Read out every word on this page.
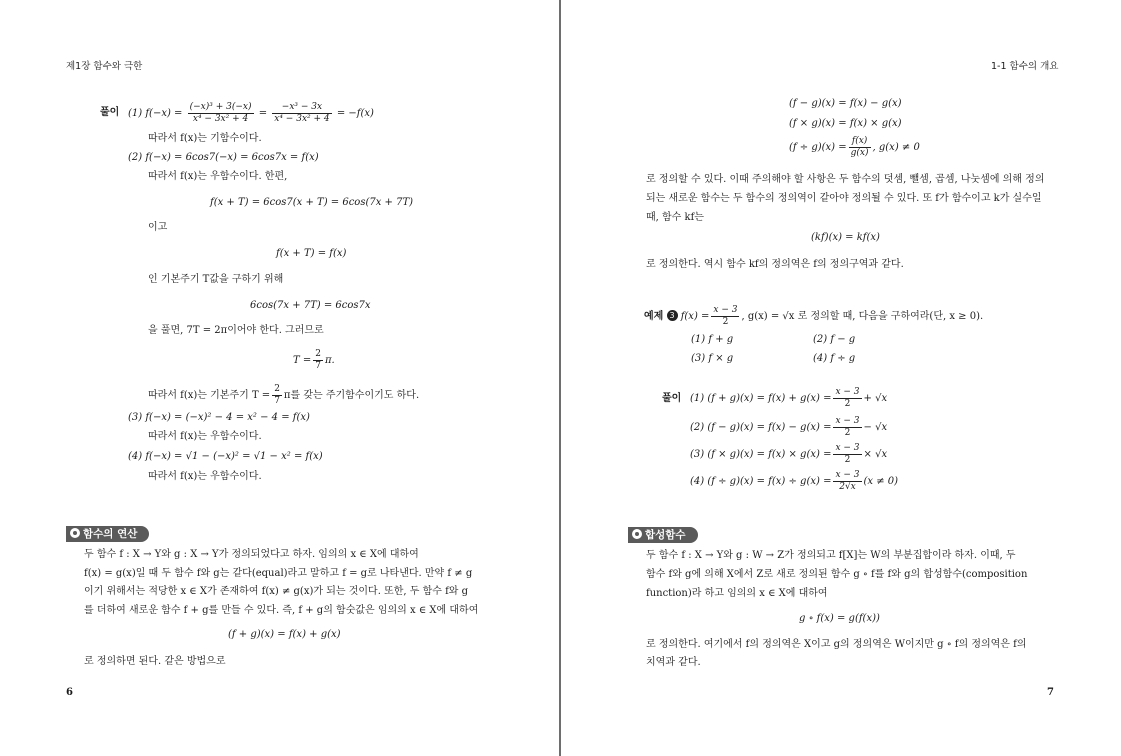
제1장 함수와 극한
풀이 (1) $f(-x) = \frac{\text{(−x)³ + 3(−x)}}{\text{x⁴ − 3x² + 4}} = \frac{\text{−x³ − 3x}}{\text{x⁴ − 3x² + 4}} = -f(x)$
따라서 f(x)는 기함수이다.
(2) f(−x) = 6cos7(−x) = 6cos7x = f(x)
따라서 f(x)는 우함수이다. 한편,
f(x + T) = 6cos7(x + T) = 6cos(7x + 7T)
이고
f(x + T) = f(x)
인 기본주기 T값을 구하기 위해
6cos(7x + 7T) = 6cos7x
을 풀면, 7T = 2π이어야 한다. 그러므로
$T = \frac{2}{7} \pi$.
따라서 f(x)는 기본주기 $T = \frac{2}{7}$ π를 갖는 주기함수이기도 하다.
(3) f(−x) = (−x)² − 4 = x² − 4 = f(x)
따라서 f(x)는 우함수이다.
(4) f(−x) = √1 − (−x)² = √1 − x² = f(x)
따라서 f(x)는 우함수이다.
함수의 연산
두 함수 f : X → Y와 g : X → Y가 정의되었다고 하자. 임의의 x ∈ X에 대하여
f(x) = g(x)일 때 두 함수 f와 g는 같다(equal)라고 말하고 f = g로 나타낸다. 만약 f ≠ g
이기 위해서는 적당한 x ∈ X가 존재하여 f(x) ≠ g(x)가 되는 것이다. 또한, 두 함수 f와 g
를 더하여 새로운 함수 f + g를 만들 수 있다. 즉, f + g의 함숫값은 임의의 x ∈ X에 대하여
(f + g)(x) = f(x) + g(x)
로 정의하면 된다. 같은 방법으로
6
1-1 함수의 개요
(f − g)(x) = f(x) − g(x)
(f × g)(x) = f(x) × g(x)
$(f \div g)(x) = \frac{f(x)}{g(x)}$ , g(x) ≠ 0
로 정의할 수 있다. 이때 주의해야 할 사항은 두 함수의 덧셈, 뺄셈, 곱셈, 나눗셈에 의해 정의
되는 새로운 함수는 두 함수의 정의역이 같아야 정의될 수 있다. 또 f가 함수이고 k가 실수일
때, 함수 kf는
(kf)(x) = kf(x)
로 정의한다. 역시 함수 kf의 정의역은 f의 정의구역과 같다.
예제 3 $f(x) = \frac{x - 3}{2}$ , g(x) = √x 로 정의할 때, 다음을 구하여라(단, x ≥ 0).
(1) f + g	(2) f − g
(3) f × g	(4) f ÷ g
풀이 (1) $(f + g)(x) = f(x) + g(x) = \frac{x - 3}{2} + √x$
(2) $(f - g)(x) = f(x) - g(x) = \frac{x - 3}{2} - √x$
(3) $(f \times g)(x) = f(x) \times g(x) = \frac{x - 3}{2} \times √x$
(4) $(f \div g)(x) = f(x) \div g(x) = \frac{x - 3}{2√x} (x \ne 0)$
합성함수
두 함수 f : X → Y와 g : W → Z가 정의되고 f[X]는 W의 부분집합이라 하자. 이때, 두
함수 f와 g에 의해 X에서 Z로 새로 정의된 함수 g ∘ f를 f와 g의 합성함수(composition
function)라 하고 임의의 x ∈ X에 대하여
g ∘ f(x) = g(f(x))
로 정의한다. 여기에서 f의 정의역은 X이고 g의 정의역은 W이지만 g ∘ f의 정의역은 f의
치역과 같다.
7
